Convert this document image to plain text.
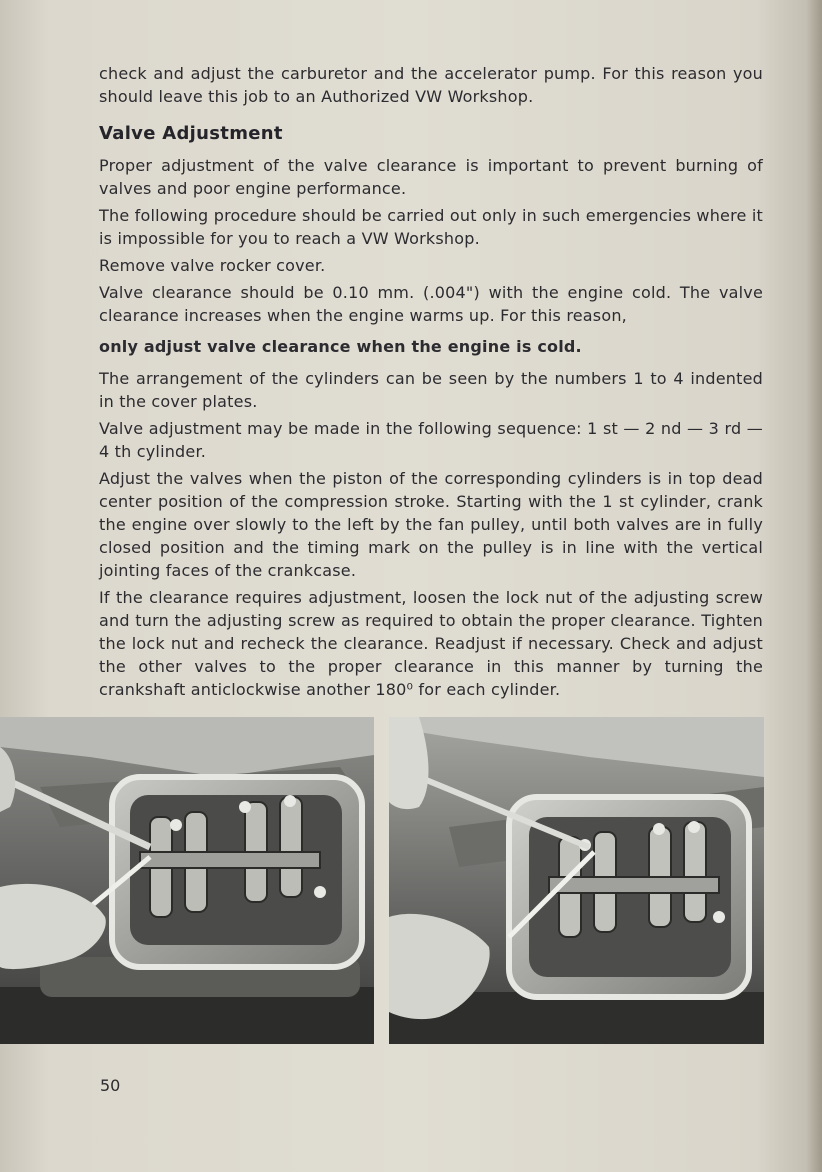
check and adjust the carburetor and the accelerator pump. For this reason you should leave this job to an Authorized VW Workshop.

Valve Adjustment

Proper adjustment of the valve clearance is important to prevent burning of valves and poor engine performance.

The following procedure should be carried out only in such emergencies where it is impossible for you to reach a VW Workshop.

Remove valve rocker cover.

Valve clearance should be 0.10 mm. (.004") with the engine cold. The valve clearance increases when the engine warms up. For this reason,

only adjust valve clearance when the engine is cold.

The arrangement of the cylinders can be seen by the numbers 1 to 4 indented in the cover plates.

Valve adjustment may be made in the following sequence: 1 st — 2 nd — 3 rd — 4 th cylinder.

Adjust the valves when the piston of the corresponding cylinders is in top dead center position of the compression stroke. Starting with the 1 st cylinder, crank the engine over slowly to the left by the fan pulley, until both valves are in fully closed position and the timing mark on the pulley is in line with the vertical jointing faces of the crankcase.

If the clearance requires adjustment, loosen the lock nut of the adjusting screw and turn the adjusting screw as required to obtain the proper clearance. Tighten the lock nut and recheck the clearance. Readjust if necessary. Check and adjust the other valves to the proper clearance in this manner by turning the crankshaft anticlockwise another 180⁰ for each cylinder.

50
